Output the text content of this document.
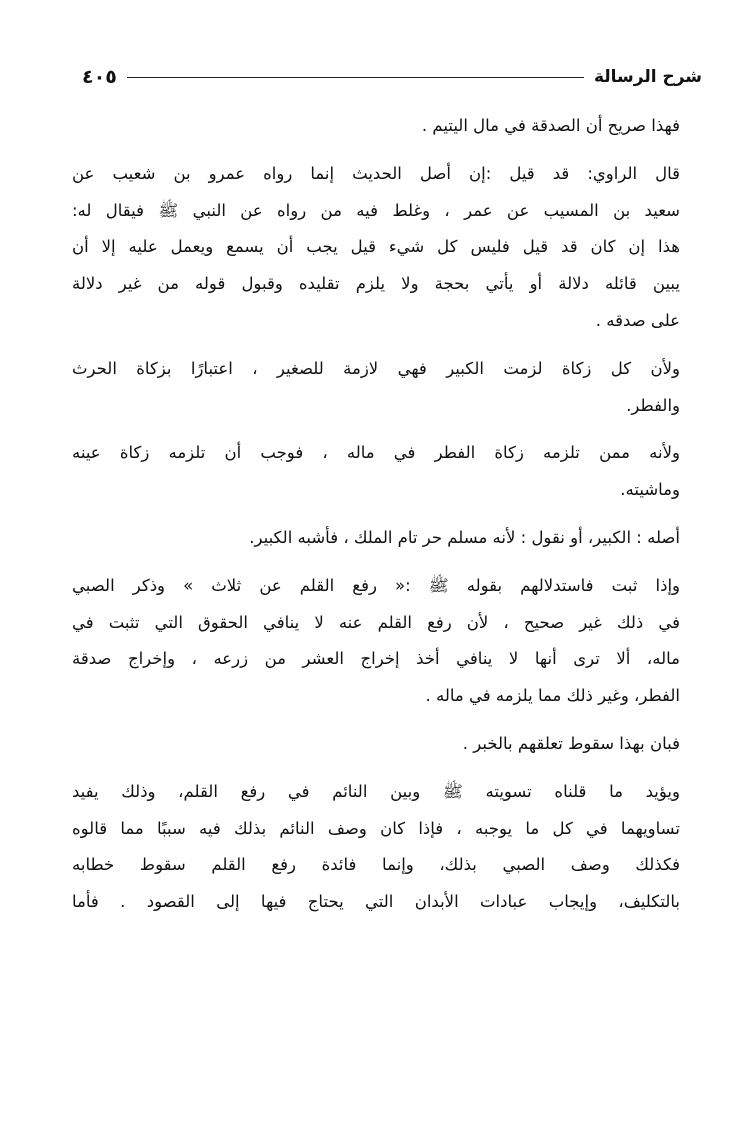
شرح الرسالة
٤٠٥

فهذا صريح أن الصدقة في مال اليتيم .

قال الراوي: قد قيل :إن أصل الحديث إنما رواه عمرو بن شعيب عن
سعيد بن المسيب عن عمر ، وغلط فيه من رواه عن النبي ﷺ فيقال له:
هذا إن كان قد قيل فليس كل شيء قيل يجب أن يسمع ويعمل عليه إلا أن
يبين قائله دلالة أو يأتي بحجة ولا يلزم تقليده وقبول قوله من غير دلالة
على صدقه .

ولأن كل زكاة لزمت الكبير فهي لازمة للصغير ، اعتبارًا بزكاة الحرث
والفطر.

ولأنه ممن تلزمه زكاة الفطر في ماله ، فوجب أن تلزمه زكاة عينه
وماشيته.

أصله : الكبير، أو نقول : لأنه مسلم حر تام الملك ، فأشبه الكبير.

وإذا ثبت فاستدلالهم بقوله ﷺ :« رفع القلم عن ثلاث » وذكر الصبي
في ذلك غير صحيح ، لأن رفع القلم عنه لا ينافي الحقوق التي تثبت في
ماله، ألا ترى أنها لا ينافي أخذ إخراج العشر من زرعه ، وإخراج صدقة
الفطر، وغير ذلك مما يلزمه في ماله .

فبان بهذا سقوط تعلقهم بالخبر .

ويؤيد ما قلناه تسويته ﷺ وبين النائم في رفع القلم، وذلك يفيد
تساويهما في كل ما يوجبه ، فإذا كان وصف النائم بذلك فيه سببًا مما قالوه
فكذلك وصف الصبي بذلك، وإنما فائدة رفع القلم سقوط خطابه
بالتكليف، وإيجاب عبادات الأبدان التي يحتاج فيها إلى القصود . فأما
